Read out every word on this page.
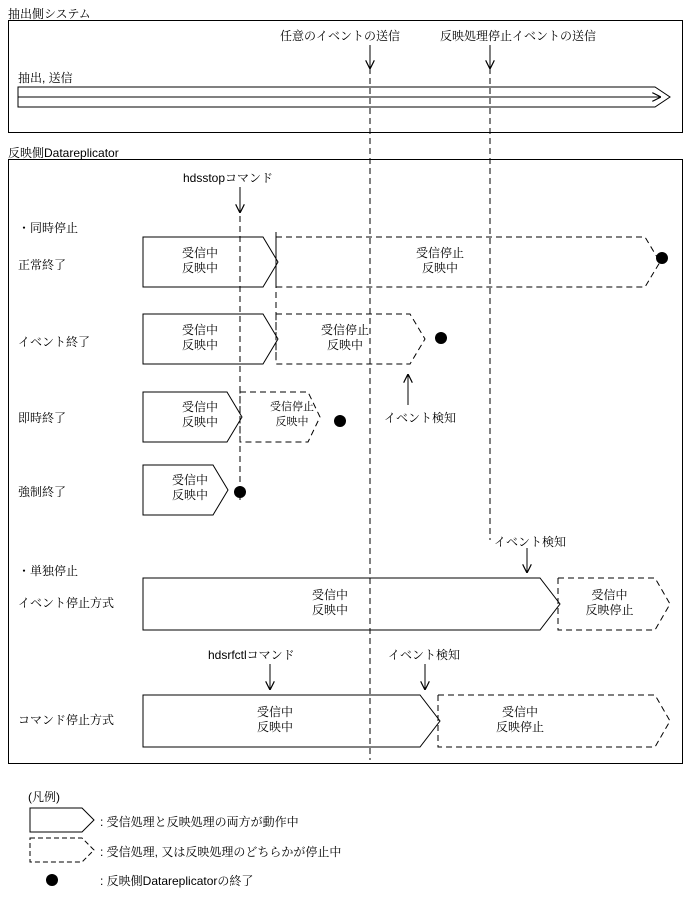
抽出側システム
反映側Datareplicator
任意のイベントの送信	反映処理停止イベントの送信
抽出, 送信
hdsstopコマンド
・同時停止
・単独停止
正常終了
イベント終了
即時終了
強制終了
イベント停止方式
コマンド停止方式
イベント検知
イベント検知
イベント検知
hdsrfctlコマンド
受信中
反映中
受信停止
反映中
受信中
反映中
受信停止
反映中
受信中
反映中
受信停止
反映中
受信中
反映中
受信中
反映中
受信中
反映停止
受信中
反映中
受信中
反映停止
(凡例)
: 受信処理と反映処理の両方が動作中
: 受信処理, 又は反映処理のどちらかが停止中
: 反映側Datareplicatorの終了
